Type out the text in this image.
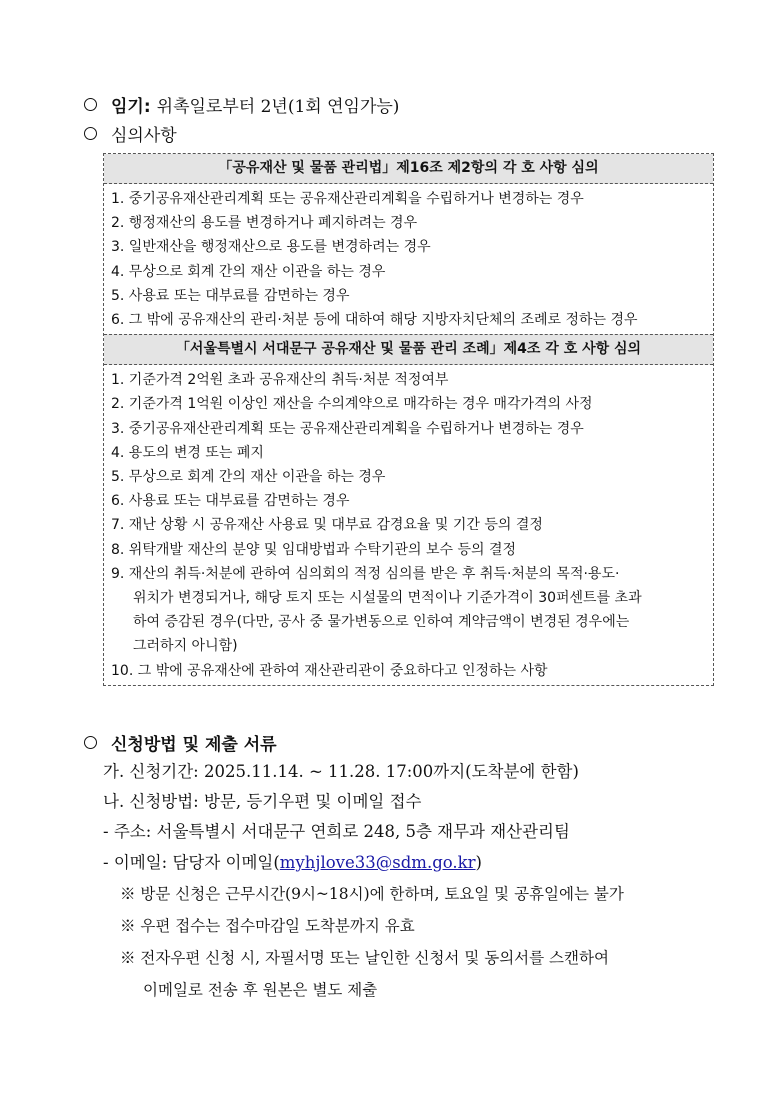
임기: 위촉일로부터 2년(1회 연임가능)
심의사항
「공유재산 및 물품 관리법」제16조 제2항의 각 호 사항 심의
1. 중기공유재산관리계획 또는 공유재산관리계획을 수립하거나 변경하는 경우
2. 행정재산의 용도를 변경하거나 폐지하려는 경우
3. 일반재산을 행정재산으로 용도를 변경하려는 경우
4. 무상으로 회계 간의 재산 이관을 하는 경우
5. 사용료 또는 대부료를 감면하는 경우
6. 그 밖에 공유재산의 관리·처분 등에 대하여 해당 지방자치단체의 조례로 정하는 경우
「서울특별시 서대문구 공유재산 및 물품 관리 조례」제4조 각 호 사항 심의
1. 기준가격 2억원 초과 공유재산의 취득·처분 적정여부
2. 기준가격 1억원 이상인 재산을 수의계약으로 매각하는 경우 매각가격의 사정
3. 중기공유재산관리계획 또는 공유재산관리계획을 수립하거나 변경하는 경우
4. 용도의 변경 또는 폐지
5. 무상으로 회계 간의 재산 이관을 하는 경우
6. 사용료 또는 대부료를 감면하는 경우
7. 재난 상황 시 공유재산 사용료 및 대부료 감경요율 및 기간 등의 결정
8. 위탁개발 재산의 분양 및 임대방법과 수탁기관의 보수 등의 결정
9. 재산의 취득·처분에 관하여 심의회의 적정 심의를 받은 후 취득·처분의 목적·용도·
위치가 변경되거나, 해당 토지 또는 시설물의 면적이나 기준가격이 30퍼센트를 초과
하여 증감된 경우(다만, 공사 중 물가변동으로 인하여 계약금액이 변경된 경우에는
그러하지 아니함)
10. 그 밖에 공유재산에 관하여 재산관리관이 중요하다고 인정하는 사항
신청방법 및 제출 서류
가. 신청기간: 2025.11.14. ~ 11.28. 17:00까지(도착분에 한함)
나. 신청방법: 방문, 등기우편 및 이메일 접수
- 주소: 서울특별시 서대문구 연희로 248, 5층 재무과 재산관리팀
- 이메일: 담당자 이메일(myhjlove33@sdm.go.kr)
※ 방문 신청은 근무시간(9시~18시)에 한하며, 토요일 및 공휴일에는 불가
※ 우편 접수는 접수마감일 도착분까지 유효
※ 전자우편 신청 시, 자필서명 또는 날인한 신청서 및 동의서를 스캔하여
이메일로 전송 후 원본은 별도 제출
